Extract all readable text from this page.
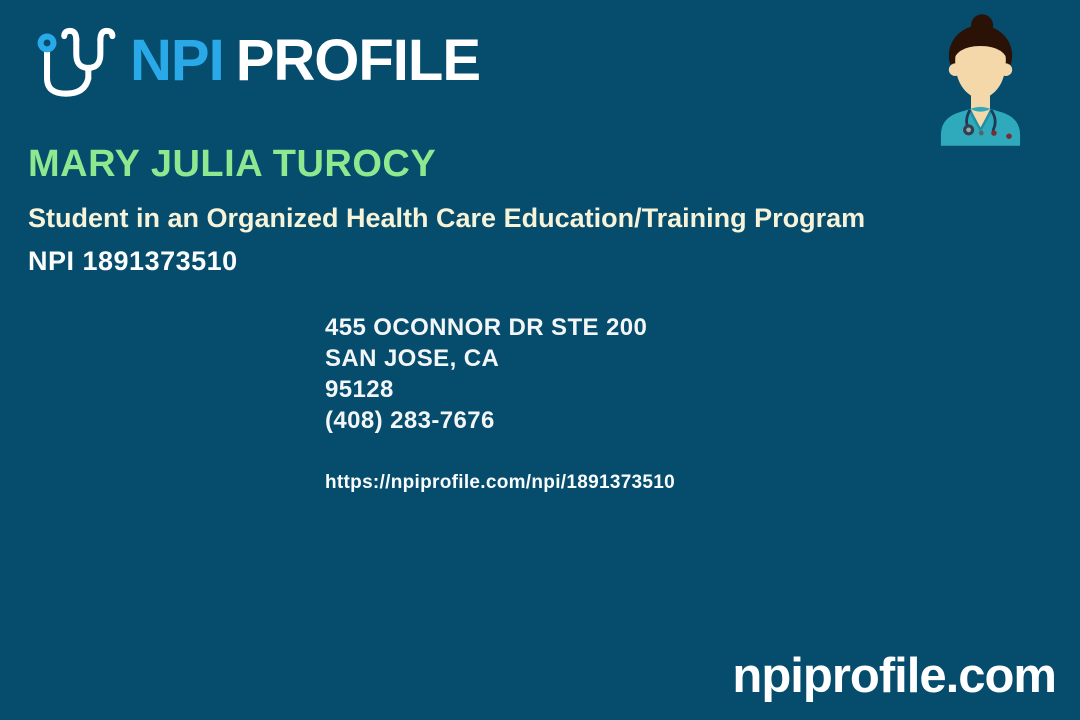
NPI PROFILE
MARY JULIA TUROCY
Student in an Organized Health Care Education/Training Program
NPI 1891373510
455 OCONNOR DR STE 200
SAN JOSE, CA
95128
(408) 283-7676
https://npiprofile.com/npi/1891373510
npiprofile.com
